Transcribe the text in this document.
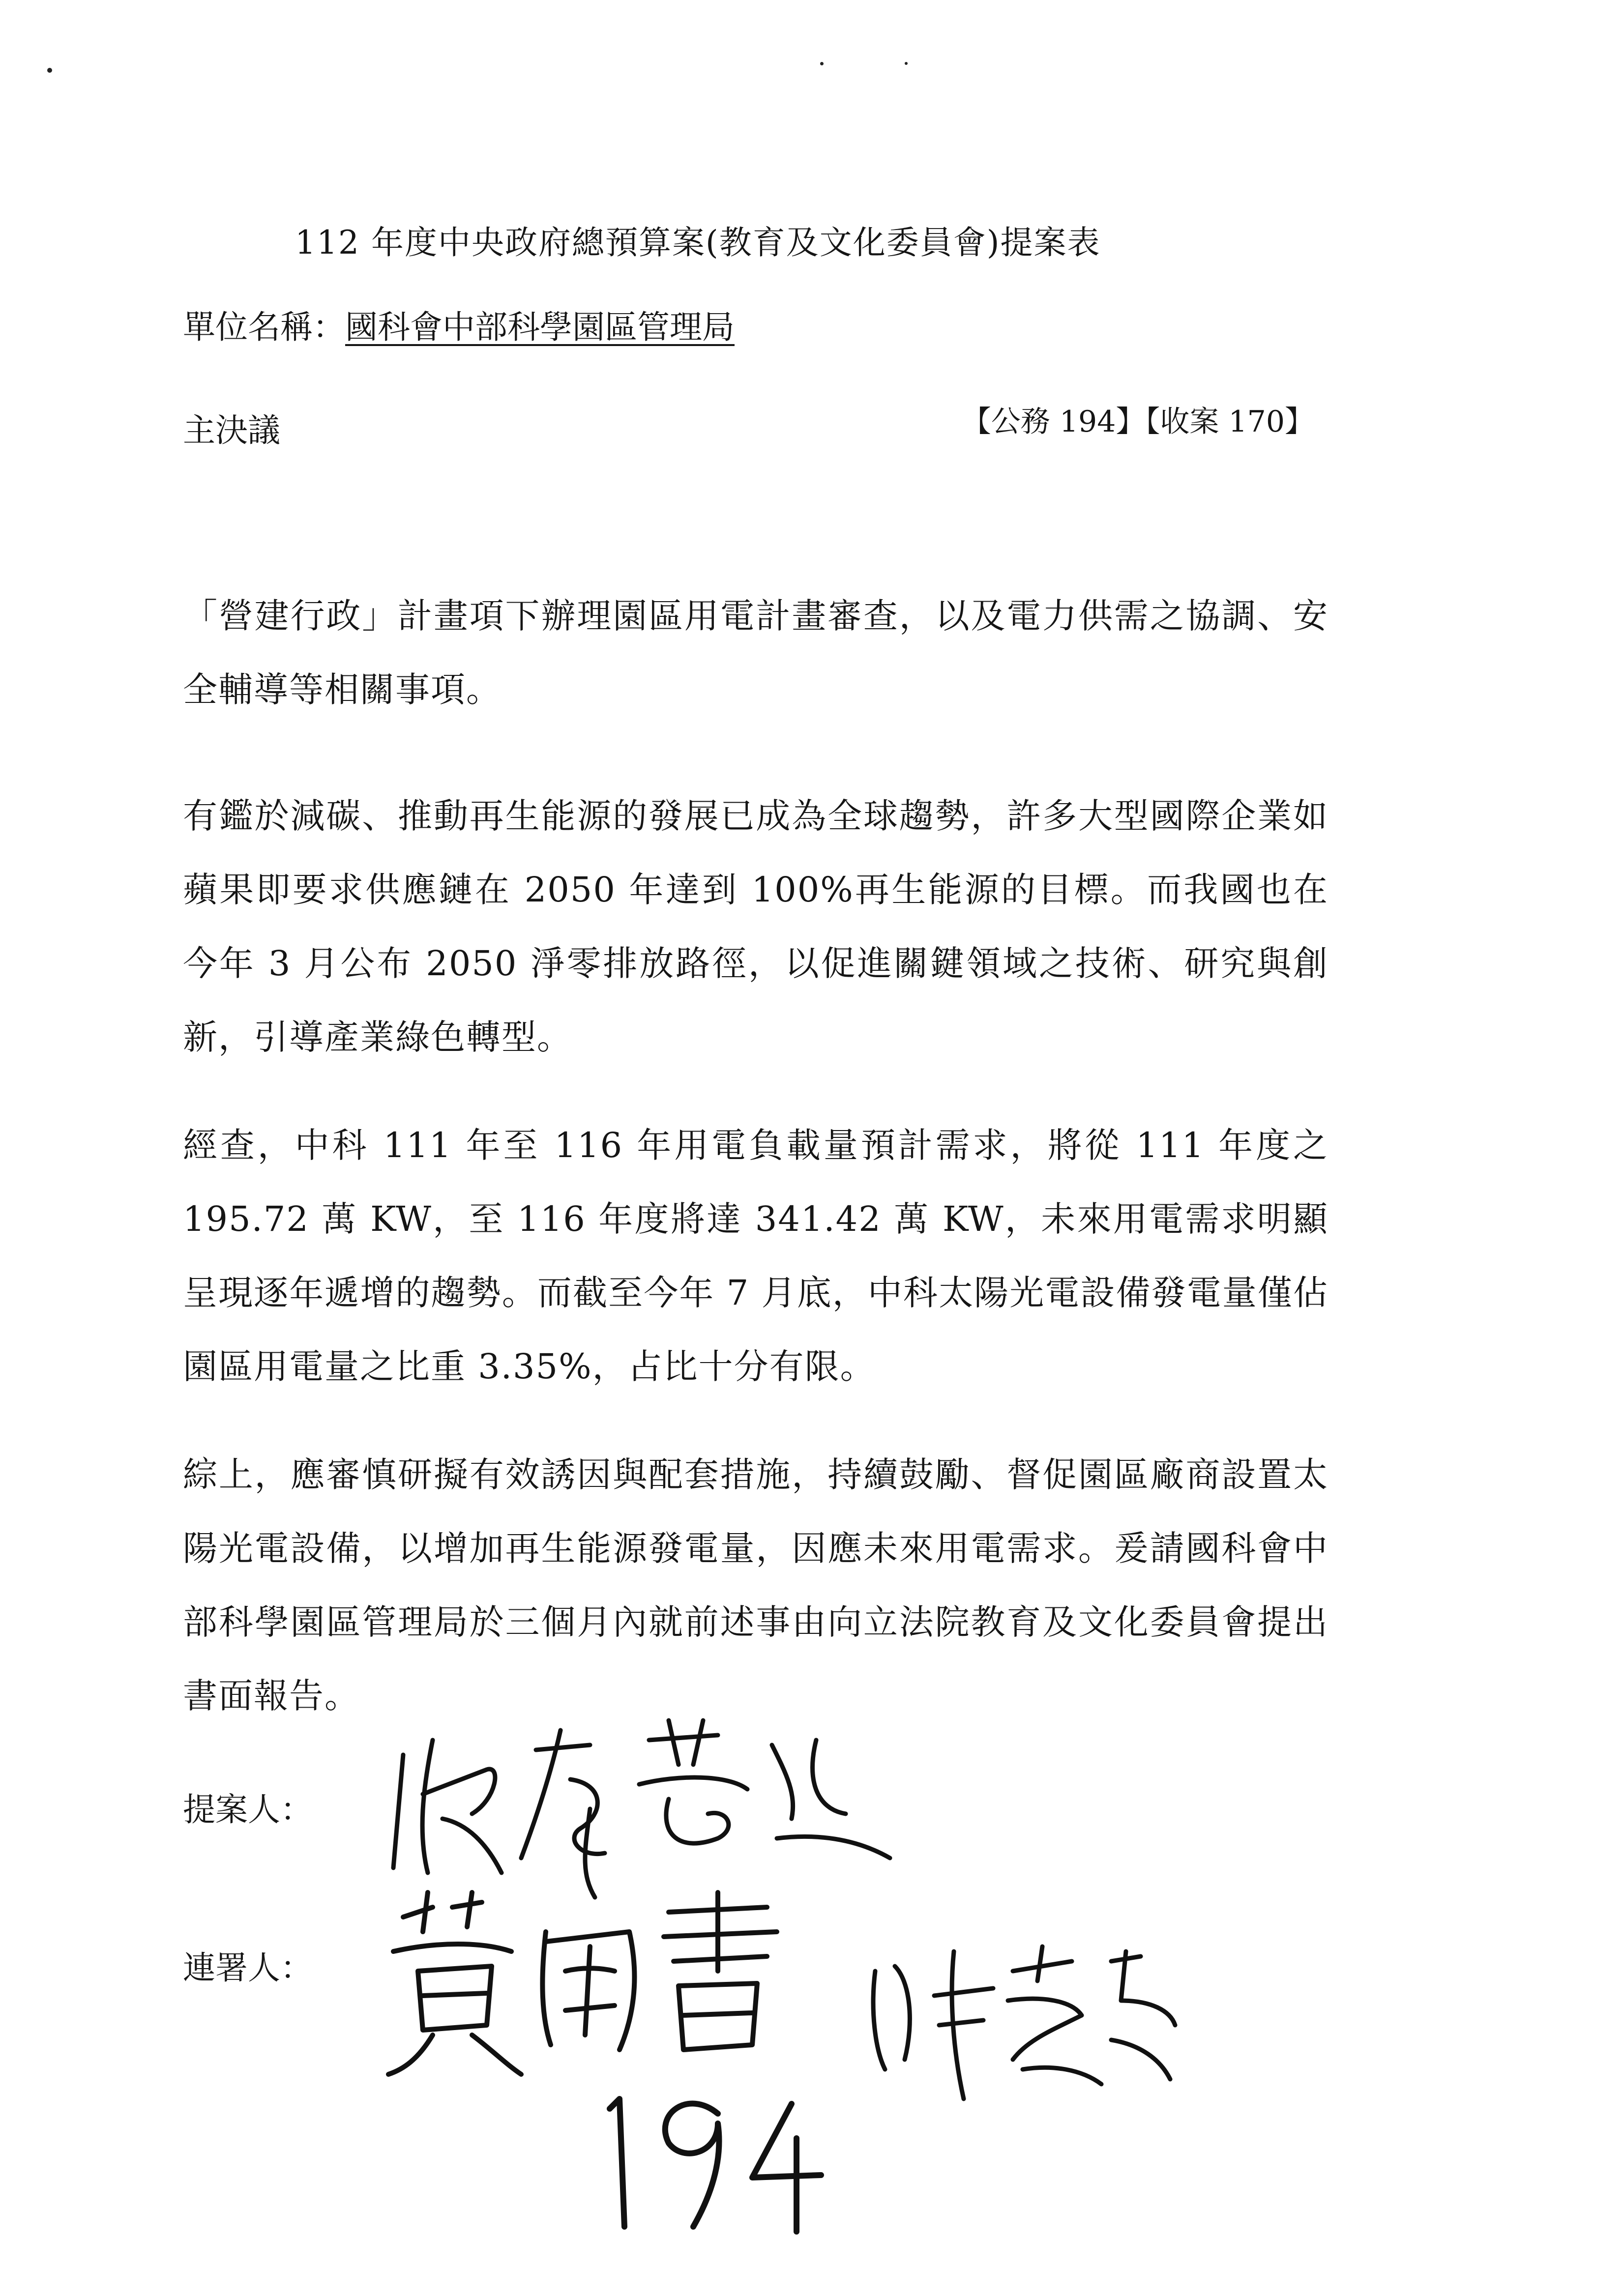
112 年度中央政府總預算案(教育及文化委員會)提案表
單位名稱：國科會中部科學園區管理局
主決議	【公務 194】【收案 170】

「營建行政」計畫項下辦理園區用電計畫審查，以及電力供需之協調、安全輔導等相關事項。

有鑑於減碳、推動再生能源的發展已成為全球趨勢，許多大型國際企業如蘋果即要求供應鏈在 2050 年達到 100%再生能源的目標。而我國也在今年 3 月公布 2050 淨零排放路徑，以促進關鍵領域之技術、研究與創新，引導產業綠色轉型。

經查，中科 111 年至 116 年用電負載量預計需求，將從 111 年度之 195.72 萬 KW，至 116 年度將達 341.42 萬 KW，未來用電需求明顯呈現逐年遞增的趨勢。而截至今年 7 月底，中科太陽光電設備發電量僅佔園區用電量之比重 3.35%，占比十分有限。

綜上，應審慎研擬有效誘因與配套措施，持續鼓勵、督促園區廠商設置太陽光電設備，以增加再生能源發電量，因應未來用電需求。爰請國科會中部科學園區管理局於三個月內就前述事由向立法院教育及文化委員會提出書面報告。

提案人：
連署人：
